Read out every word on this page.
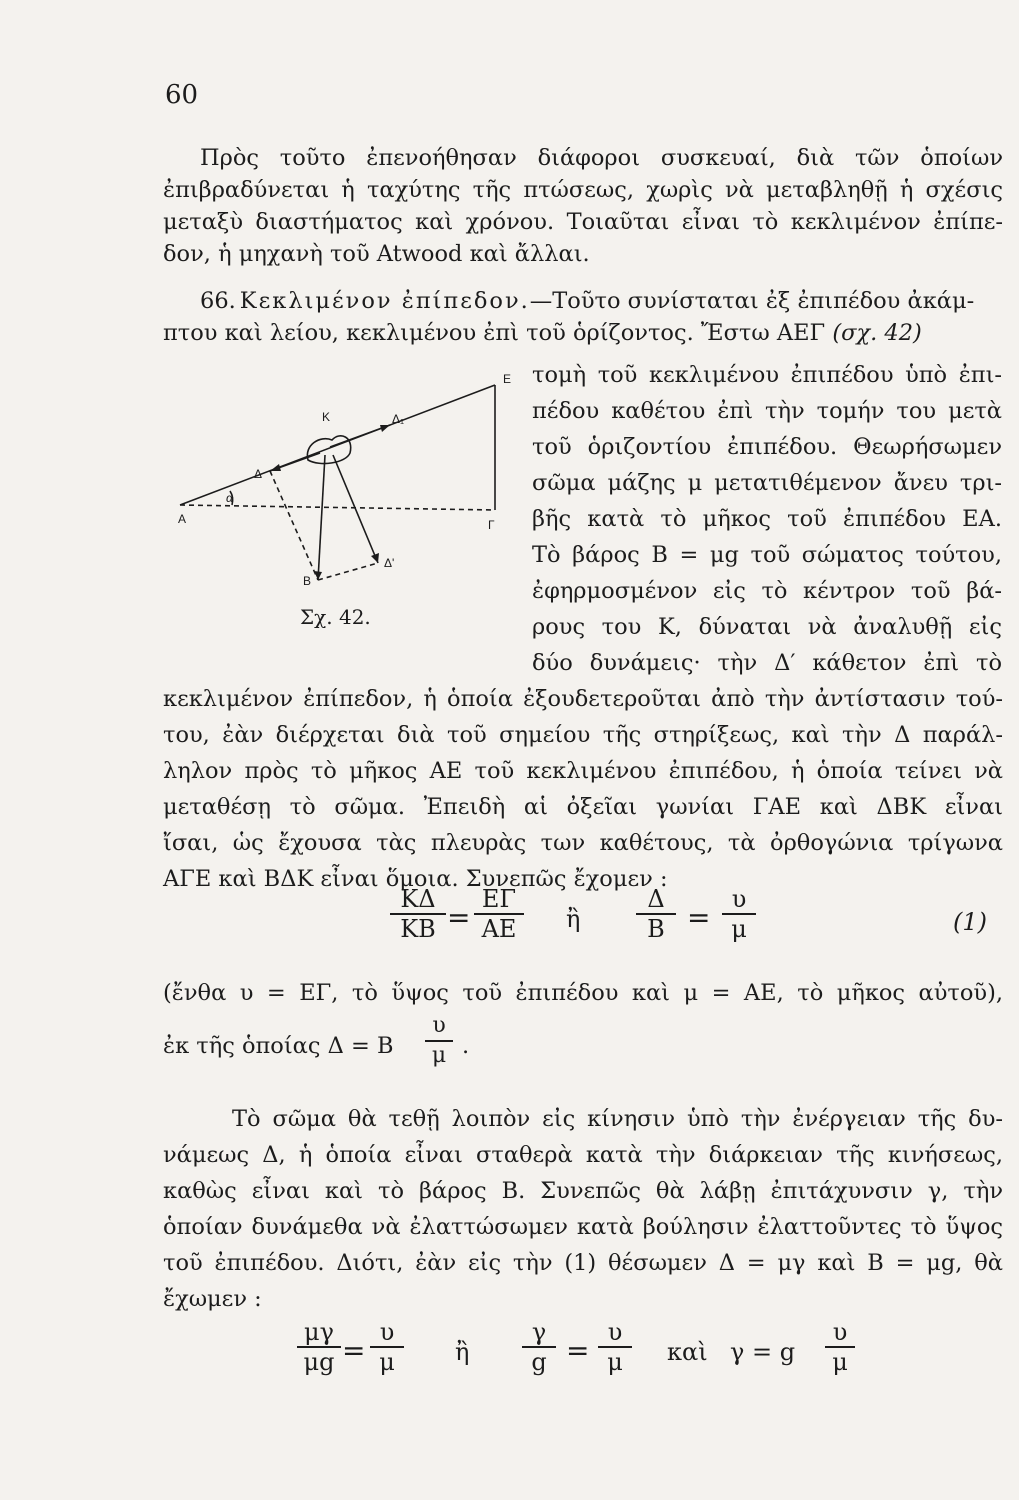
60
Πρὸς τοῦτο ἐπενοήθησαν διάφοροι συσκευαί, διὰ τῶν ὁποίων
ἐπιβραδύνεται ἡ ταχύτης τῆς πτώσεως, χωρὶς νὰ μεταβληθῇ ἡ σχέσις
μεταξὺ διαστήματος καὶ χρόνου. Τοιαῦται εἶναι τὸ κεκλιμένον ἐπίπε-
δον, ἡ μηχανὴ τοῦ Atwood καὶ ἄλλαι.
66. Κεκλιμένον ἐπίπεδον. —Τοῦτο συνίσταται ἐξ ἐπιπέδου ἀκάμ-
πτου καὶ λείου, κεκλιμένου ἐπὶ τοῦ ὁρίζοντος. Ἔστω ΑΕΓ (σχ. 42)
τομὴ τοῦ κεκλιμένου ἐπιπέδου ὑπὸ ἐπι-
πέδου καθέτου ἐπὶ τὴν τομήν του μετὰ
τοῦ ὁριζοντίου ἐπιπέδου. Θεωρήσωμεν
σῶμα μάζης μ μετατιθέμενον ἄνευ τρι-
βῆς κατὰ τὸ μῆκος τοῦ ἐπιπέδου ΕΑ.
Τὸ βάρος Β = μg τοῦ σώματος τούτου,
ἐφηρμοσμένον εἰς τὸ κέντρον τοῦ βά-
ρους του Κ, δύναται νὰ ἀναλυθῇ εἰς
δύο δυνάμεις· τὴν Δ′ κάθετον ἐπὶ τὸ
A
E
Γ
B
K
Δ
Δ₁
Δ'
α
Σχ. 42.
κεκλιμένον ἐπίπεδον, ἡ ὁποία ἐξουδετεροῦται ἀπὸ τὴν ἀντίστασιν τού-
του, ἐὰν διέρχεται διὰ τοῦ σημείου τῆς στηρίξεως, καὶ τὴν Δ παράλ-
ληλον πρὸς τὸ μῆκος ΑΕ τοῦ κεκλιμένου ἐπιπέδου, ἡ ὁποία τείνει νὰ
μεταθέσῃ τὸ σῶμα. Ἐπειδὴ αἱ ὀξεῖαι γωνίαι ΓΑΕ καὶ ΔΒΚ εἶναι
ἴσαι, ὡς ἔχουσα τὰς πλευρὰς των καθέτους, τὰ ὀρθογώνια τρίγωνα
ΑΓΕ καὶ ΒΔΚ εἶναι ὅμοια. Συνεπῶς ἔχομεν :
$\frac{K\Delta}{KB} = \frac{E\Gamma}{AE}$ ἢ $\frac{\Delta}{B} = \frac{\upsilon}{\mu}$	(1)
(ἔνθα υ = ΕΓ, τὸ ὕψος τοῦ ἐπιπέδου καὶ μ = ΑΕ, τὸ μῆκος αὐτοῦ),
ἐκ τῆς ὁποίας Δ = Β $\frac{\upsilon}{\mu}$ .
Τὸ σῶμα θὰ τεθῇ λοιπὸν εἰς κίνησιν ὑπὸ τὴν ἐνέργειαν τῆς δυ-
νάμεως Δ, ἡ ὁποία εἶναι σταθερὰ κατὰ τὴν διάρκειαν τῆς κινήσεως,
καθὼς εἶναι καὶ τὸ βάρος Β. Συνεπῶς θὰ λάβῃ ἐπιτάχυνσιν γ, τὴν
ὁποίαν δυνάμεθα νὰ ἐλαττώσωμεν κατὰ βούλησιν ἐλαττοῦντες τὸ ὕψος
τοῦ ἐπιπέδου. Διότι, ἐὰν εἰς τὴν (1) θέσωμεν Δ = μγ καὶ Β = μg, θὰ
ἔχωμεν :
$\frac{\mu\gamma}{\mu g} = \frac{\upsilon}{\mu}$ ἢ $\frac{\gamma}{g} = \frac{\upsilon}{\mu}$ καὶ γ = g $\frac{\upsilon}{\mu}$
